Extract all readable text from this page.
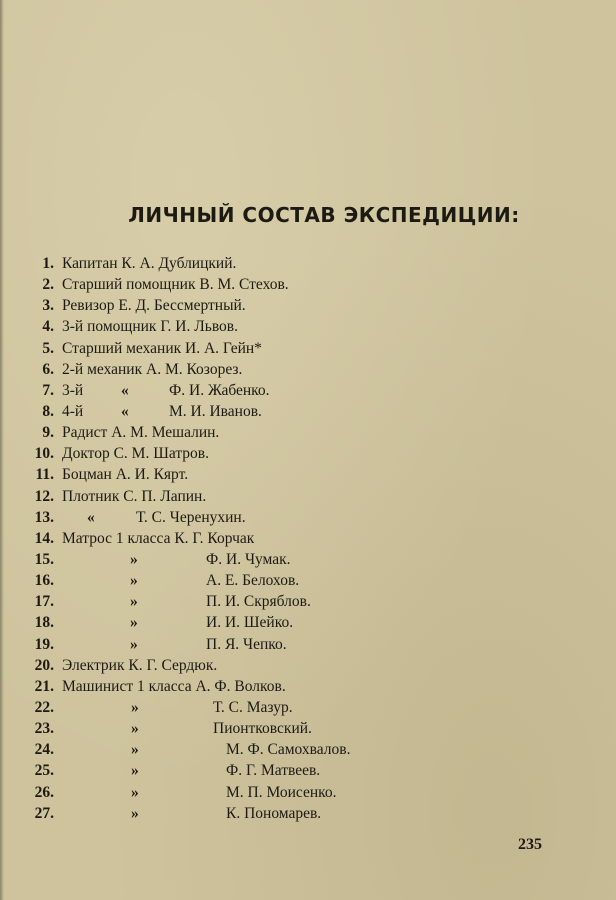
ЛИЧНЫЙ СОСТАВ ЭКСПЕДИЦИИ:
1. Капитан К. А. Дублицкий.
2. Старший помощник В. М. Стехов.
3. Ревизор Е. Д. Бессмертный.
4. 3-й помощник Г. И. Львов.
5. Старший механик И. А. Гейн*
6. 2-й механик А. М. Козорез.
7. 3-й «	Ф. И. Жабенко.
8. 4-й «	М. И. Иванов.
9. Радист А. М. Мешалин.
10. Доктор С. М. Шатров.
11. Боцман А. И. Кярт.
12. Плотник С. П. Лапин.
13. «	Т. С. Черенухин.
14. Матрос 1 класса К. Г. Корчак
15.	»	Ф. И. Чумак.
16.	»	А. Е. Белохов.
17.	»	П. И. Скряблов.
18.	»	И. И. Шейко.
19.	»	П. Я. Чепко.
20. Электрик К. Г. Сердюк.
21. Машинист 1 класса А. Ф. Волков.
22.	»	Т. С. Мазур.
23.	»	Пионтковский.
24.	»	М. Ф. Самохвалов.
25.	»	Ф. Г. Матвеев.
26.	»	М. П. Моисенко.
27.	»	К. Пономарев.
235
